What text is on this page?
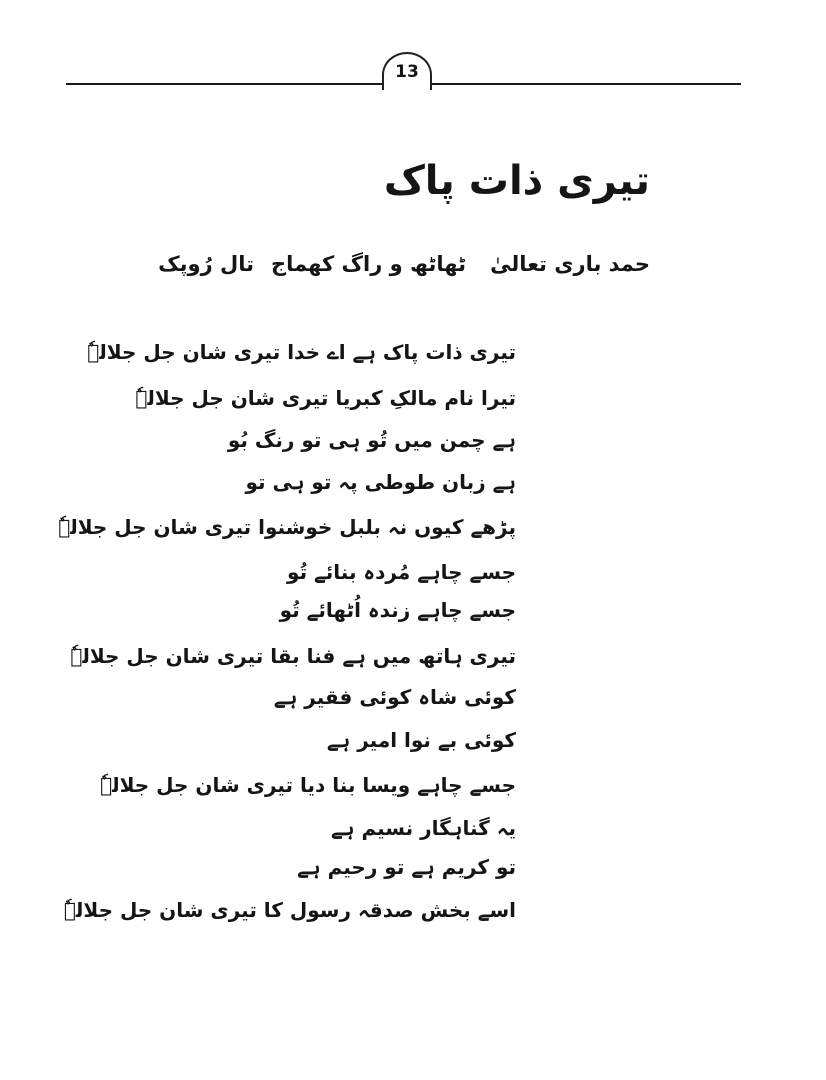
13
تیری ذات پاک
حمد باری تعالیٰ
ٹھاٹھ و راگ کھماج
تال رُوپک
تیری ذات پاک ہے اے خدا تیری شان جل جلالہٗ
تیرا نام مالکِ کبریا تیری شان جل جلالہٗ
ہے چمن میں تُو ہی تو رنگ بُو
ہے زبان طوطی پہ تو ہی تو
پڑھے کیوں نہ بلبل خوشنوا تیری شان جل جلالہٗ
جسے چاہے مُردہ بنائے تُو
جسے چاہے زندہ اُٹھائے تُو
تیری ہاتھ میں ہے فنا بقا تیری شان جل جلالہٗ
کوئی شاہ کوئی فقیر ہے
کوئی بے نوا امیر ہے
جسے چاہے ویسا بنا دیا تیری شان جل جلالہٗ
یہ گناہگار نسیم ہے
تو کریم ہے تو رحیم ہے
اسے بخش صدقہ رسول کا تیری شان جل جلالہٗ
